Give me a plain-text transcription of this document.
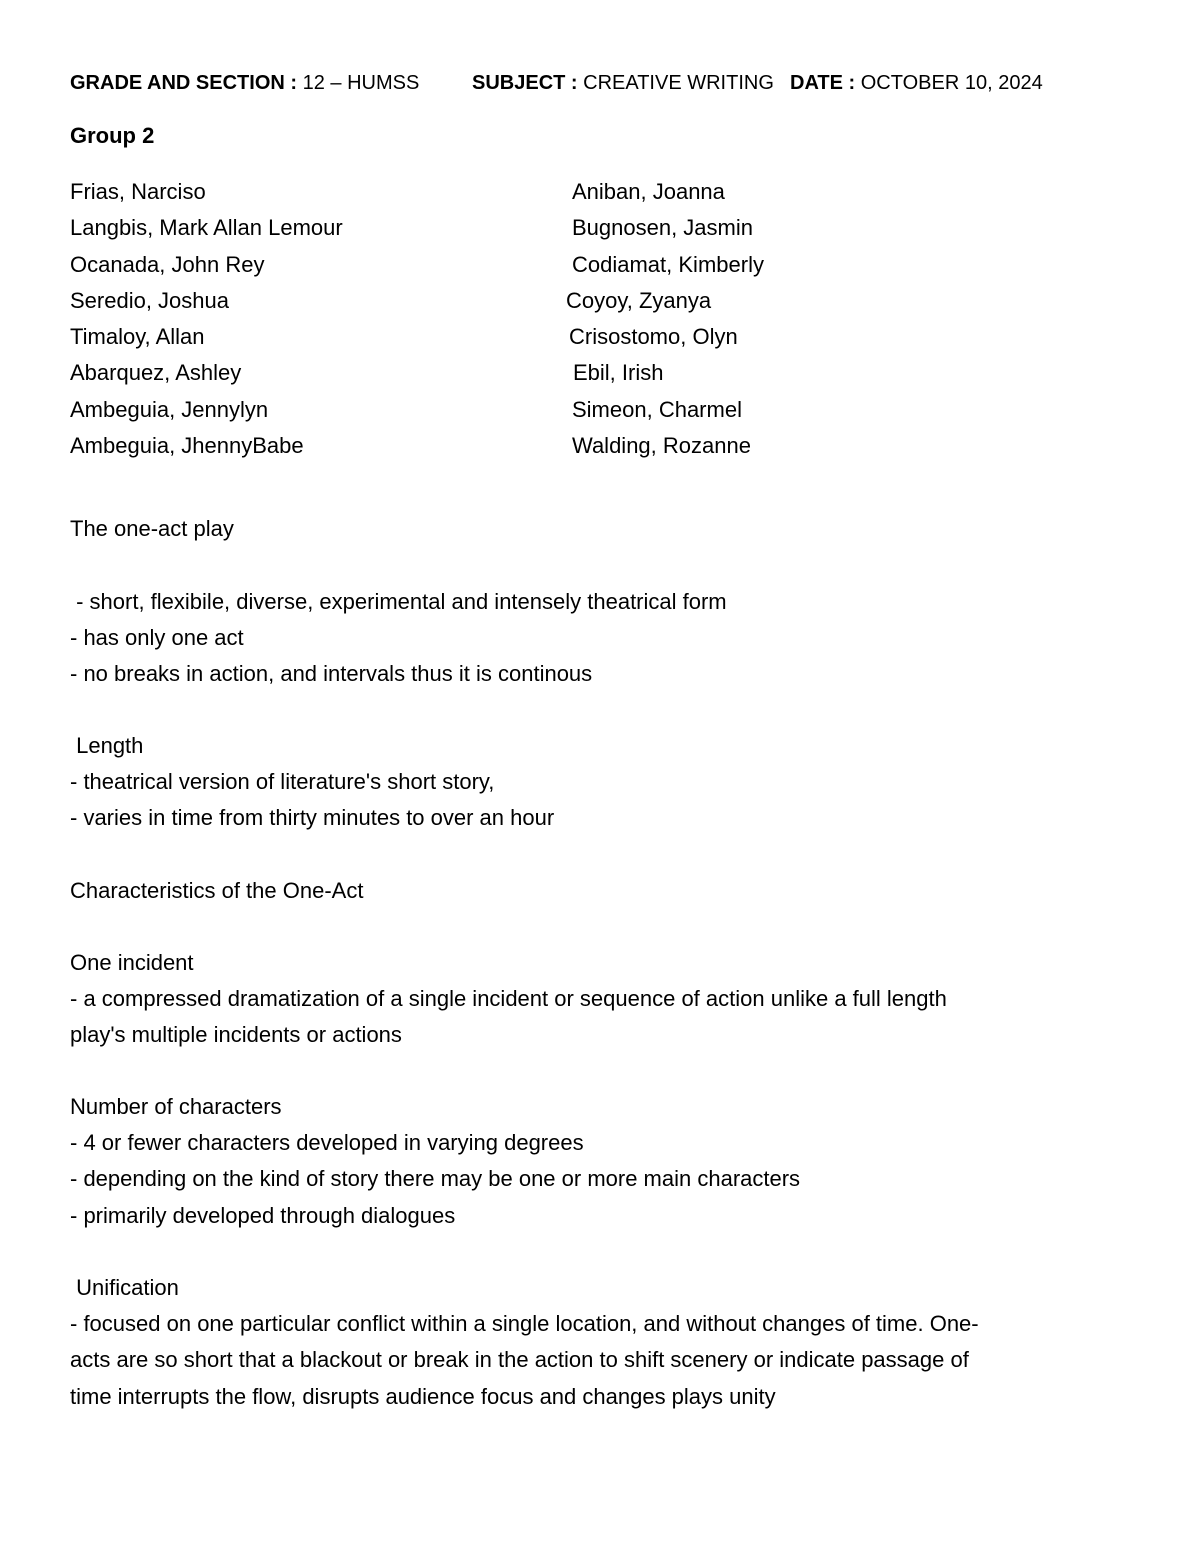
GRADE AND SECTION : 12 – HUMSS	SUBJECT : CREATIVE WRITING DATE : OCTOBER 10, 2024
Group 2
Frias, Narciso
Langbis, Mark Allan Lemour
Ocanada, John Rey
Seredio, Joshua
Timaloy, Allan
Abarquez, Ashley
Ambeguia, Jennylyn
Ambeguia, JhennyBabe
Aniban, Joanna
Bugnosen, Jasmin
Codiamat, Kimberly
Coyoy, Zyanya
Crisostomo, Olyn
Ebil, Irish
Simeon, Charmel
Walding, Rozanne

The one-act play

- short, flexibile, diverse, experimental and intensely theatrical form

- has only one act

- no breaks in action, and intervals thus it is continous

Length

- theatrical version of literature's short story,

- varies in time from thirty minutes to over an hour

Characteristics of the One-Act

One incident

- a compressed dramatization of a single incident or sequence of action unlike a full length

play's multiple incidents or actions

Number of characters

- 4 or fewer characters developed in varying degrees

- depending on the kind of story there may be one or more main characters

- primarily developed through dialogues

Unification

- focused on one particular conflict within a single location, and without changes of time. One-

acts are so short that a blackout or break in the action to shift scenery or indicate passage of

time interrupts the flow, disrupts audience focus and changes plays unity
